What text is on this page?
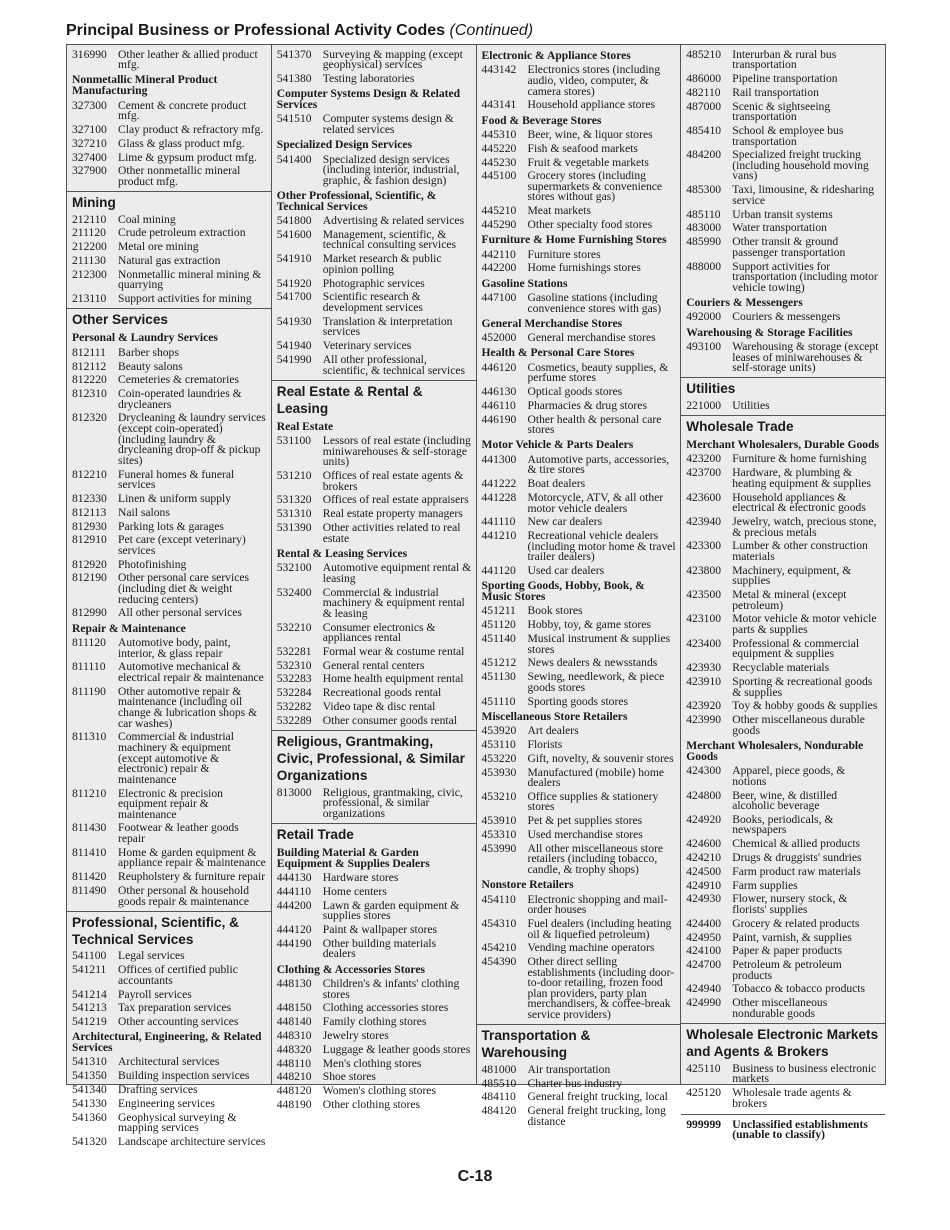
Principal Business or Professional Activity Codes (Continued)
316990 Other leather & allied product mfg.
Nonmetallic Mineral Product Manufacturing
327300 Cement & concrete product mfg.
327100 Clay product & refractory mfg.
327210 Glass & glass product mfg.
327400 Lime & gypsum product mfg.
327900 Other nonmetallic mineral product mfg.
Mining
212110	Coal mining
211120	Crude petroleum extraction
212200 Metal ore mining
211130	Natural gas extraction
212300 Nonmetallic mineral mining & quarrying
213110	Support activities for mining
Other Services
Personal & Laundry Services
812111	Barber shops
812112	Beauty salons
812220 Cemeteries & crematories
812310 Coin-operated laundries & drycleaners
812320 Drycleaning & laundry services (except coin-operated) (including laundry & drycleaning drop-off & pickup sites)
812210 Funeral homes & funeral services
812330 Linen & uniform supply
812113	Nail salons
812930 Parking lots & garages
812910 Pet care (except veterinary) services
812920 Photofinishing
812190 Other personal care services (including diet & weight reducing centers)
812990 All other personal services
Repair & Maintenance
811120	Automotive body, paint, interior, & glass repair
811110	Automotive mechanical & electrical repair & maintenance
811190	Other automotive repair & maintenance (including oil change & lubrication shops & car washes)
811310	Commercial & industrial machinery & equipment (except automotive & electronic) repair & maintenance
811210	Electronic & precision equipment repair & maintenance
811430	Footwear & leather goods repair
811410	Home & garden equipment & appliance repair & maintenance
811420	Reupholstery & furniture repair
811490	Other personal & household goods repair & maintenance
Professional, Scientific, & Technical Services
541100	Legal services
541211	Offices of certified public accountants
541214 Payroll services
541213 Tax preparation services
541219 Other accounting services
Architectural, Engineering, & Related Services
541310 Architectural services
541350 Building inspection services
541340 Drafting services
541330 Engineering services
541360 Geophysical surveying & mapping services
541320 Landscape architecture services
541370 Surveying & mapping (except geophysical) services
541380 Testing laboratories
Computer Systems Design & Related Services
541510 Computer systems design & related services
Specialized Design Services
541400 Specialized design services (including interior, industrial, graphic, & fashion design)
Other Professional, Scientific, & Technical Services
541800 Advertising & related services
541600 Management, scientific, & technical consulting services
541910 Market research & public opinion polling
541920 Photographic services
541700 Scientific research & development services
541930 Translation & interpretation services
541940 Veterinary services
541990 All other professional, scientific, & technical services
Real Estate & Rental & Leasing
Real Estate
531100	Lessors of real estate (including miniwarehouses & self-storage units)
531210 Offices of real estate agents & brokers
531320 Offices of real estate appraisers
531310 Real estate property managers
531390 Other activities related to real estate
Rental & Leasing Services
532100 Automotive equipment rental & leasing
532400 Commercial & industrial machinery & equipment rental & leasing
532210 Consumer electronics & appliances rental
532281 Formal wear & costume rental
532310 General rental centers
532283 Home health equipment rental
532284 Recreational goods rental
532282 Video tape & disc rental
532289 Other consumer goods rental
Religious, Grantmaking, Civic, Professional, & Similar Organizations
813000 Religious, grantmaking, civic, professional, & similar organizations
Retail Trade
Building Material & Garden Equipment & Supplies Dealers
444130 Hardware stores
444110	Home centers
444200 Lawn & garden equipment & supplies stores
444120 Paint & wallpaper stores
444190 Other building materials dealers
Clothing & Accessories Stores
448130 Children's & infants' clothing stores
448150 Clothing accessories stores
448140 Family clothing stores
448310 Jewelry stores
448320 Luggage & leather goods stores
448110	Men's clothing stores
448210 Shoe stores
448120 Women's clothing stores
448190 Other clothing stores
Electronic & Appliance Stores
443142 Electronics stores (including audio, video, computer, & camera stores)
443141 Household appliance stores
Food & Beverage Stores
445310 Beer, wine, & liquor stores
445220 Fish & seafood markets
445230 Fruit & vegetable markets
445100 Grocery stores (including supermarkets & convenience stores without gas)
445210 Meat markets
445290 Other specialty food stores
Furniture & Home Furnishing Stores
442110	Furniture stores
442200 Home furnishings stores
Gasoline Stations
447100 Gasoline stations (including convenience stores with gas)
General Merchandise Stores
452000 General merchandise stores
Health & Personal Care Stores
446120 Cosmetics, beauty supplies, & perfume stores
446130 Optical goods stores
446110	Pharmacies & drug stores
446190 Other health & personal care stores
Motor Vehicle & Parts Dealers
441300 Automotive parts, accessories, & tire stores
441222 Boat dealers
441228 Motorcycle, ATV, & all other motor vehicle dealers
441110	New car dealers
441210 Recreational vehicle dealers (including motor home & travel trailer dealers)
441120	Used car dealers
Sporting Goods, Hobby, Book, & Music Stores
451211	Book stores
451120	Hobby, toy, & game stores
451140	Musical instrument & supplies stores
451212 News dealers & newsstands
451130	Sewing, needlework, & piece goods stores
451110	Sporting goods stores
Miscellaneous Store Retailers
453920 Art dealers
453110	Florists
453220 Gift, novelty, & souvenir stores
453930 Manufactured (mobile) home dealers
453210 Office supplies & stationery stores
453910 Pet & pet supplies stores
453310 Used merchandise stores
453990 All other miscellaneous store retailers (including tobacco, candle, & trophy shops)
Nonstore Retailers
454110	Electronic shopping and mail-order houses
454310 Fuel dealers (including heating oil & liquefied petroleum)
454210 Vending machine operators
454390 Other direct selling establishments (including door-to-door retailing, frozen food plan providers, party plan merchandisers, & coffee-break service providers)
Transportation & Warehousing
481000 Air transportation
485510 Charter bus industry
484110	General freight trucking, local
484120 General freight trucking, long distance
485210 Interurban & rural bus transportation
486000 Pipeline transportation
482110	Rail transportation
487000 Scenic & sightseeing transportation
485410 School & employee bus transportation
484200 Specialized freight trucking (including household moving vans)
485300 Taxi, limousine, & ridesharing service
485110	Urban transit systems
483000 Water transportation
485990 Other transit & ground passenger transportation
488000 Support activities for transportation (including motor vehicle towing)
Couriers & Messengers
492000 Couriers & messengers
Warehousing & Storage Facilities
493100 Warehousing & storage (except leases of miniwarehouses & self-storage units)
Utilities
221000 Utilities
Wholesale Trade
Merchant Wholesalers, Durable Goods
423200 Furniture & home furnishing
423700 Hardware, & plumbing & heating equipment & supplies
423600 Household appliances & electrical & electronic goods
423940 Jewelry, watch, precious stone, & precious metals
423300 Lumber & other construction materials
423800 Machinery, equipment, & supplies
423500 Metal & mineral (except petroleum)
423100 Motor vehicle & motor vehicle parts & supplies
423400 Professional & commercial equipment & supplies
423930 Recyclable materials
423910 Sporting & recreational goods & supplies
423920 Toy & hobby goods & supplies
423990 Other miscellaneous durable goods
Merchant Wholesalers, Nondurable Goods
424300 Apparel, piece goods, & notions
424800 Beer, wine, & distilled alcoholic beverage
424920 Books, periodicals, & newspapers
424600 Chemical & allied products
424210 Drugs & druggists' sundries
424500 Farm product raw materials
424910 Farm supplies
424930 Flower, nursery stock, & florists' supplies
424400 Grocery & related products
424950 Paint, varnish, & supplies
424100 Paper & paper products
424700 Petroleum & petroleum products
424940 Tobacco & tobacco products
424990 Other miscellaneous nondurable goods
Wholesale Electronic Markets and Agents & Brokers
425110	Business to business electronic markets
425120 Wholesale trade agents & brokers
999999 Unclassified establishments (unable to classify)
C-18
